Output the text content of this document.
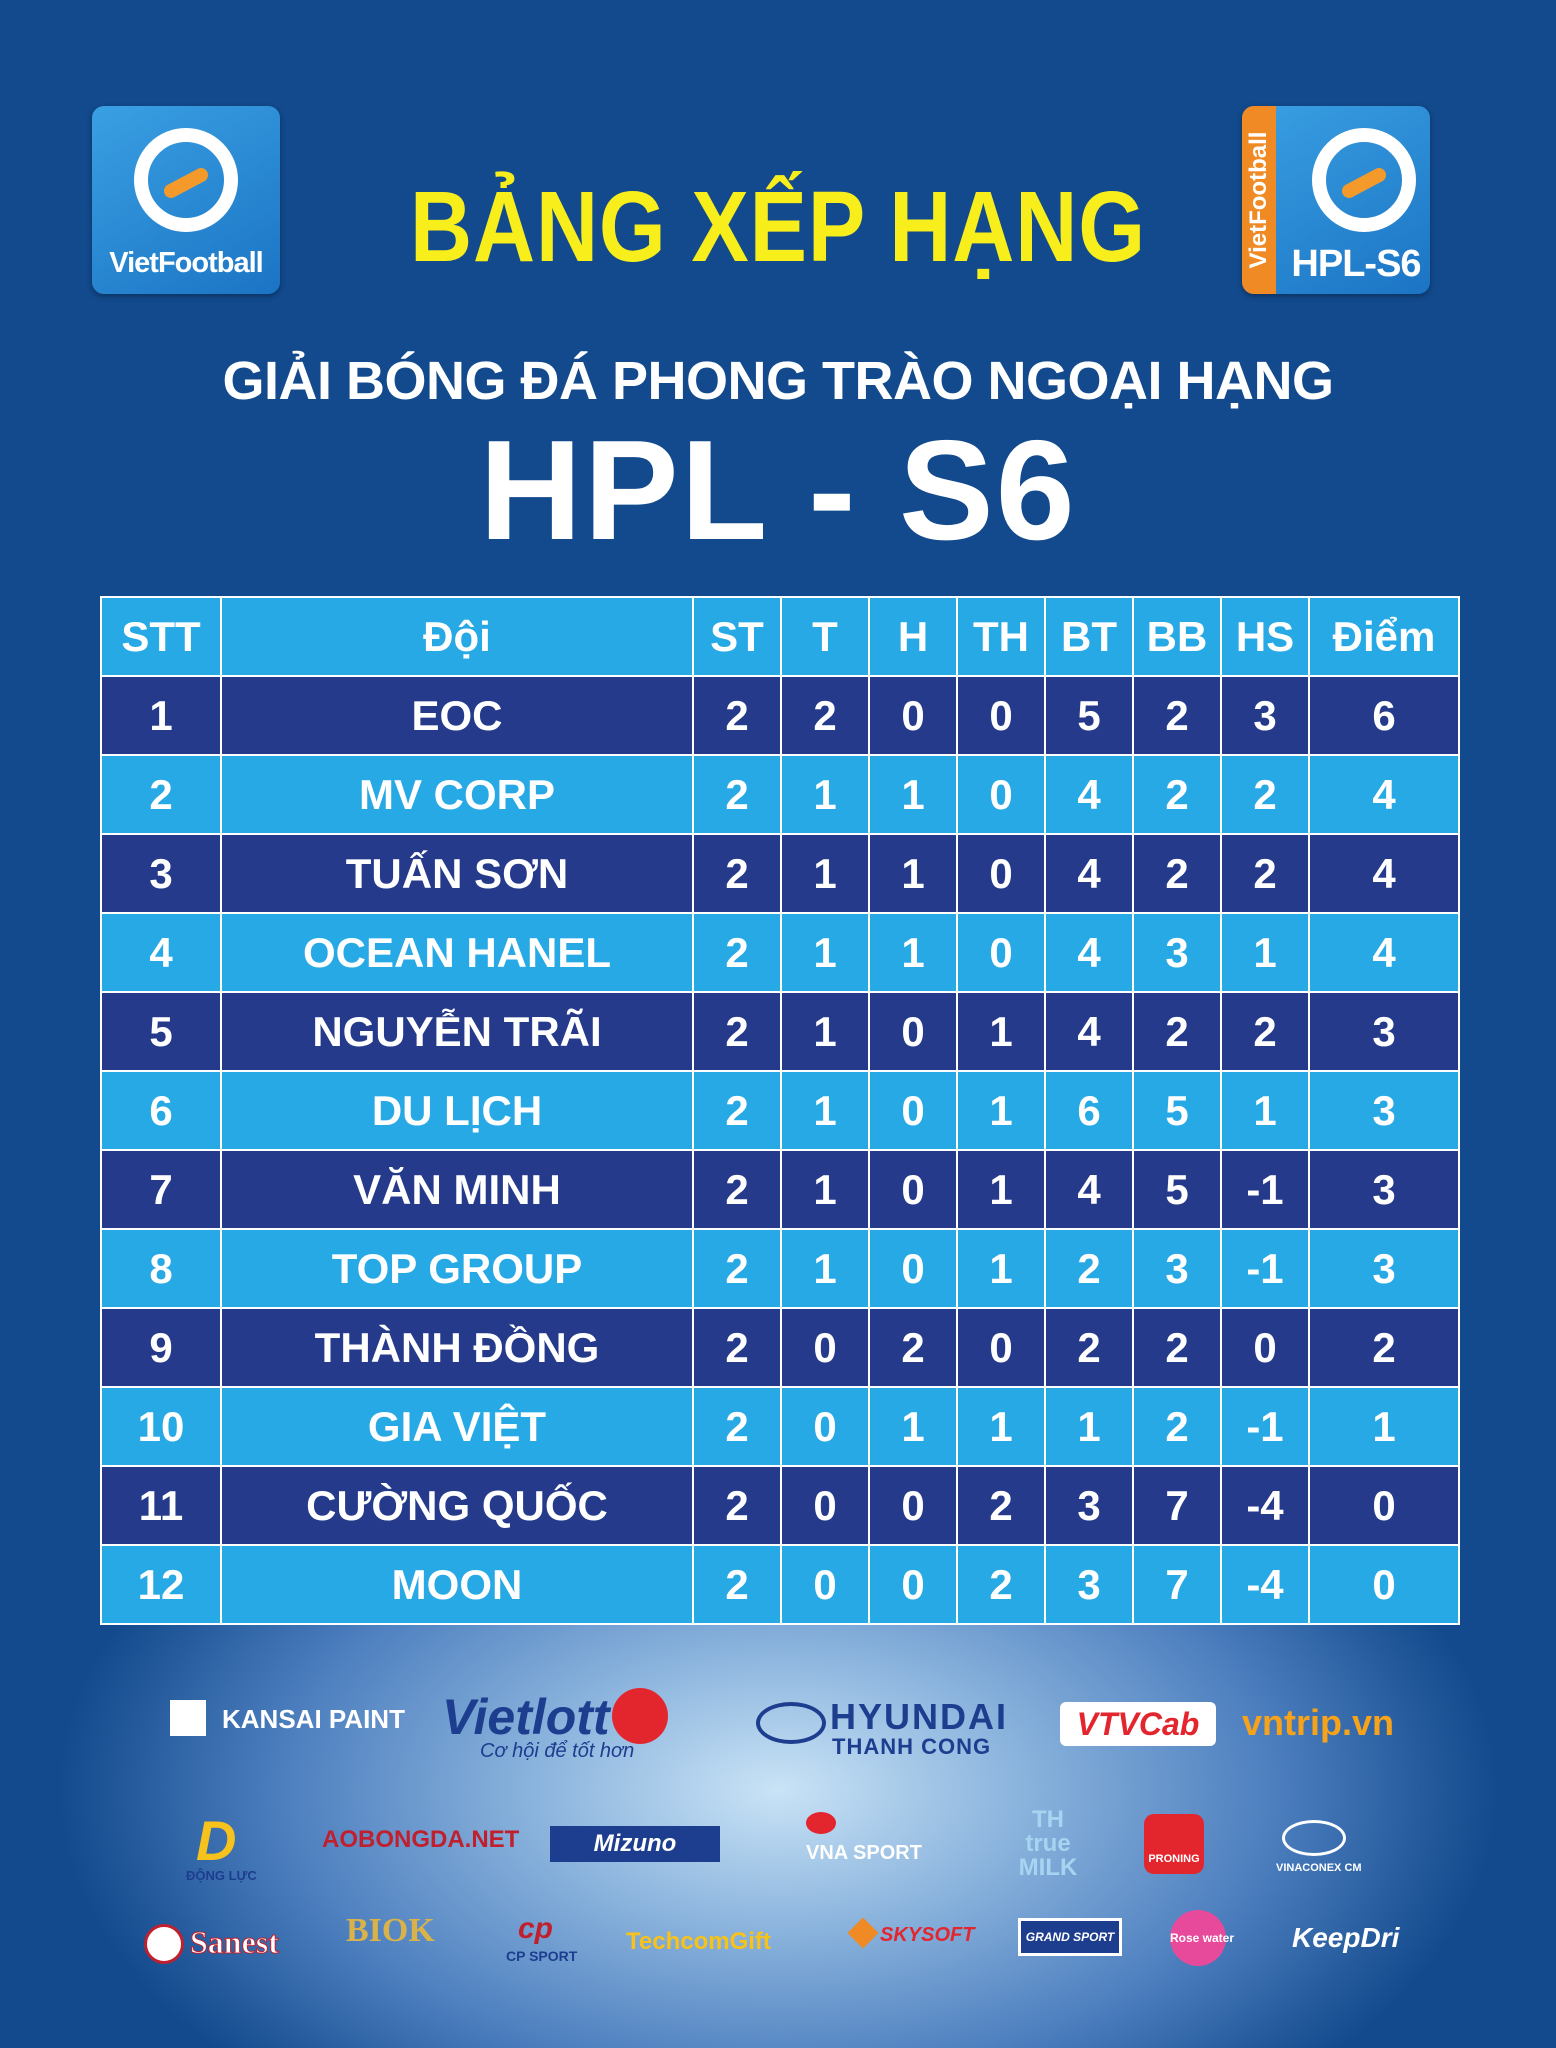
VietFootball	VietFootball HPL-S6
BẢNG XẾP HẠNG
GIẢI BÓNG ĐÁ PHONG TRÀO NGOẠI HẠNG
HPL - S6
STT	Đội	ST	T	H	TH	BT	BB	HS	Điểm
1	EOC	2	2	0	0	5	2	3	6
2	MV CORP	2	1	1	0	4	2	2	4
3	TUẤN SƠN	2	1	1	0	4	2	2	4
4	OCEAN HANEL	2	1	1	0	4	3	1	4
5	NGUYỄN TRÃI	2	1	0	1	4	2	2	3
6	DU LỊCH	2	1	0	1	6	5	1	3
7	VĂN MINH	2	1	0	1	4	5	-1	3
8	TOP GROUP	2	1	0	1	2	3	-1	3
9	THÀNH ĐỒNG	2	0	2	0	2	2	0	2
10	GIA VIỆT	2	0	1	1	1	2	-1	1
11	CƯỜNG QUỐC	2	0	0	2	3	7	-4	0
12	MOON	2	0	0	2	3	7	-4	0
KANSAI PAINT Vietlott
Cơ hội để tốt hơn
HYUNDAI
THANH CONG
VTVCab	vntrip.vn
D
ĐỘNG LỰC
AOBONGDA.NET	Mizuno	VNA SPORT
TH true MILK	PRONING
VINACONEX CM
Sanest BIOK	cp
CP SPORT
TechcomGift	SKYSOFT	GRAND SPORT	Rose water KeepDri
